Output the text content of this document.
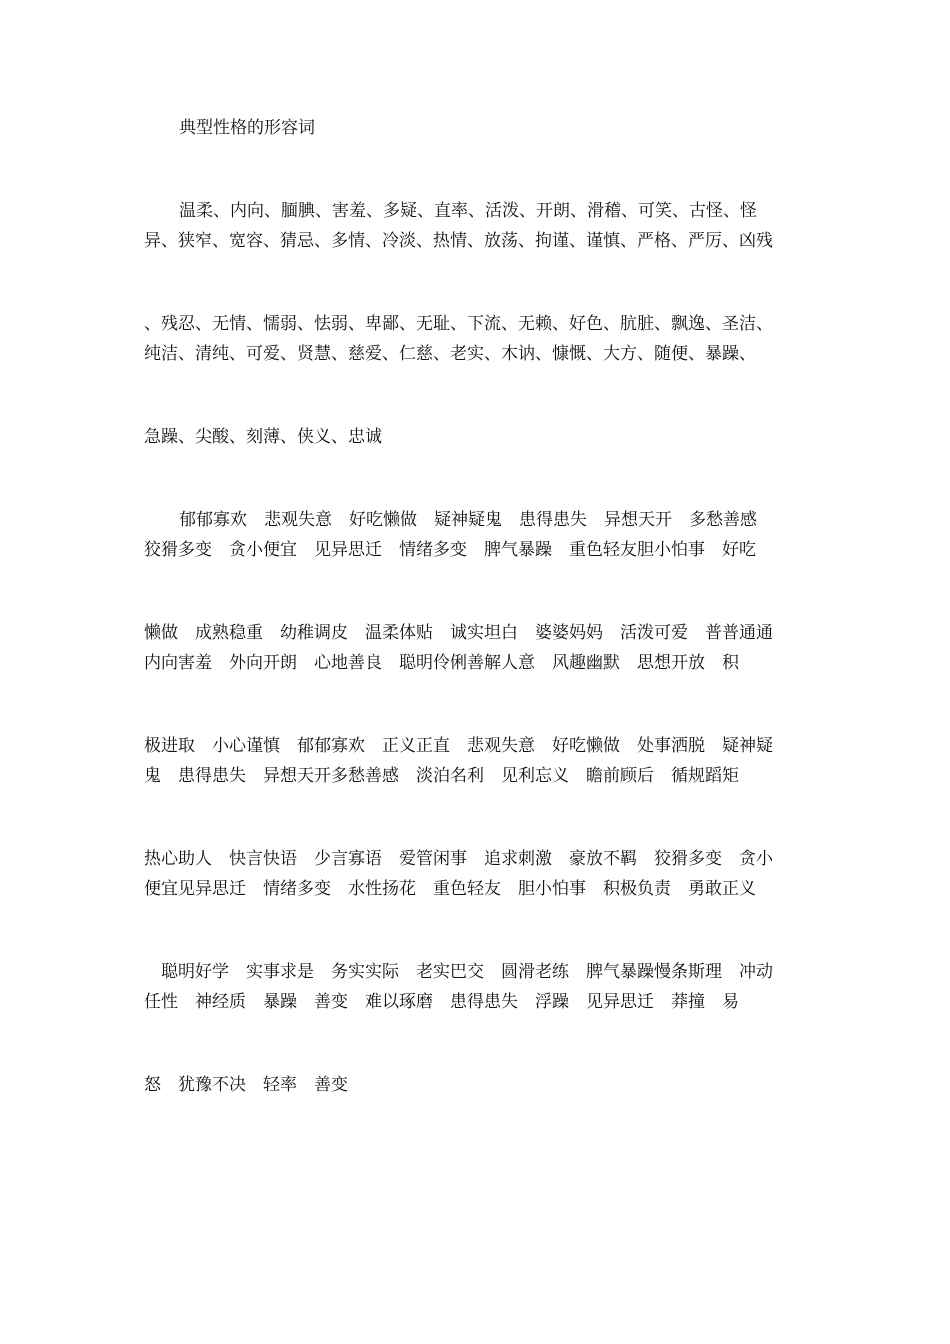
典型性格的形容词
温柔、内向、腼腆、害羞、多疑、直率、活泼、开朗、滑稽、可笑、古怪、怪
异、狭窄、宽容、猜忌、多情、冷淡、热情、放荡、拘谨、谨慎、严格、严厉、凶残
、残忍、无情、懦弱、怯弱、卑鄙、无耻、下流、无赖、好色、肮脏、飘逸、圣洁、
纯洁、清纯、可爱、贤慧、慈爱、仁慈、老实、木讷、慷慨、大方、随便、暴躁、
急躁、尖酸、刻薄、侠义、忠诚
郁郁寡欢　悲观失意　好吃懒做　疑神疑鬼　患得患失　异想天开　多愁善感
狡猾多变　贪小便宜　见异思迁　情绪多变　脾气暴躁　重色轻友胆小怕事　好吃
懒做　成熟稳重　幼稚调皮　温柔体贴　诚实坦白　婆婆妈妈　活泼可爱　普普通通
内向害羞　外向开朗　心地善良　聪明伶俐善解人意　风趣幽默　思想开放　积
极进取　小心谨慎　郁郁寡欢　正义正直　悲观失意　好吃懒做　处事洒脱　疑神疑
鬼　患得患失　异想天开多愁善感　淡泊名利　见利忘义　瞻前顾后　循规蹈矩
热心助人　快言快语　少言寡语　爱管闲事　追求刺激　豪放不羁　狡猾多变　贪小
便宜见异思迁　情绪多变　水性扬花　重色轻友　胆小怕事　积极负责　勇敢正义
聪明好学　实事求是　务实实际　老实巴交　圆滑老练　脾气暴躁慢条斯理　冲动
任性　神经质　暴躁　善变　难以琢磨　患得患失　浮躁　见异思迁　莽撞　易
怒　犹豫不决　轻率　善变
